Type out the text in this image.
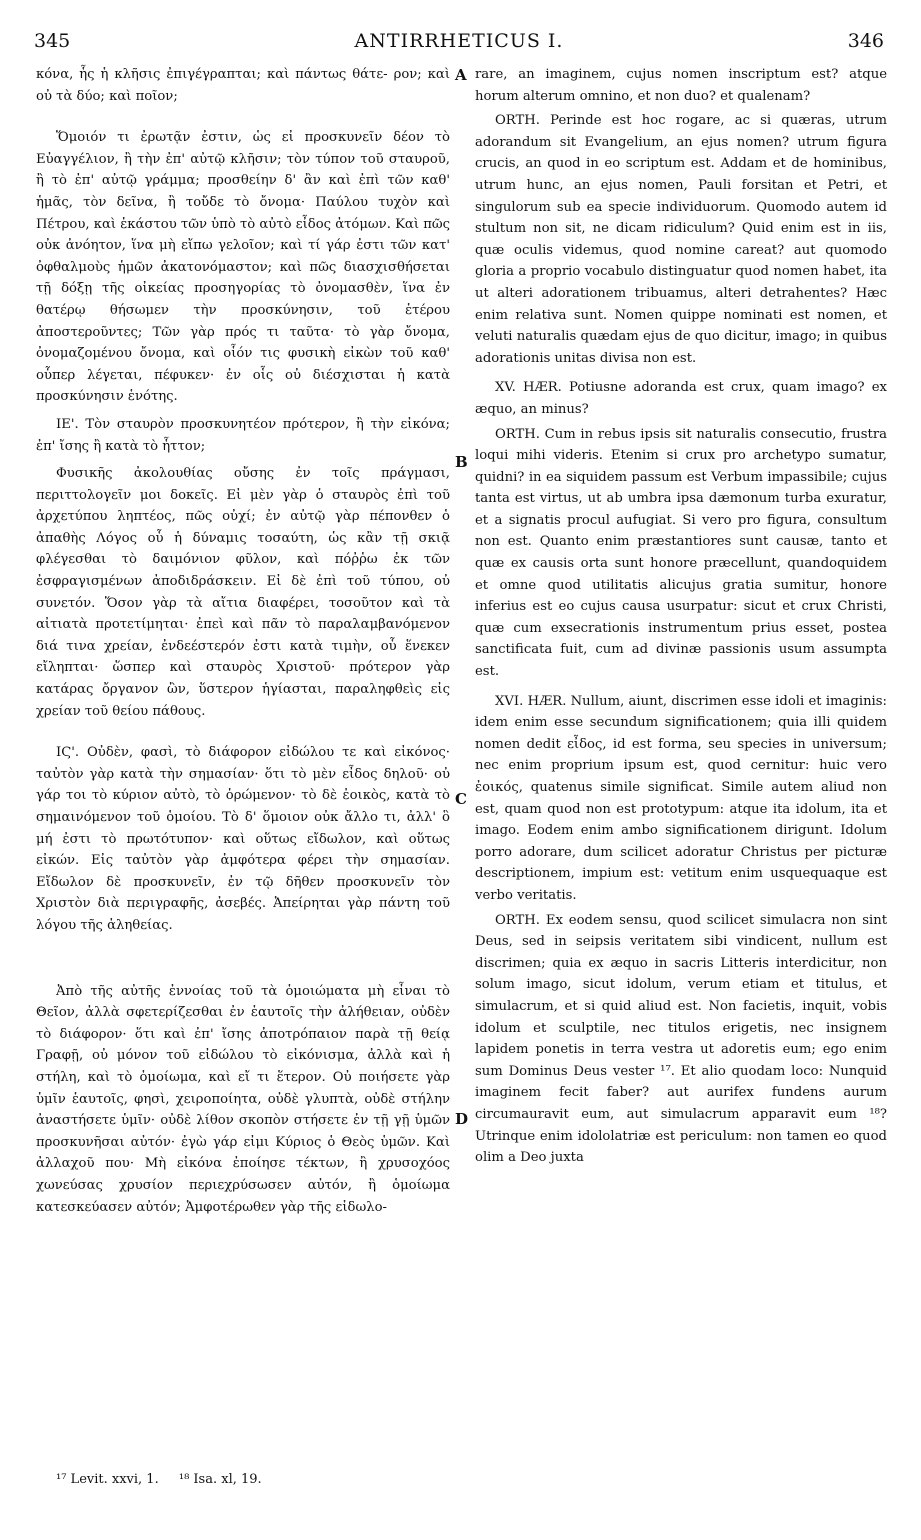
345	ANTIRRHETICUS I.	346

κόνα, ἧς ἡ κλῆσις ἐπιγέγραπται; καὶ πάντως θάτε- ρον; καὶ οὐ τὰ δύο; καὶ ποῖον;

Ὅμοιόν τι ἐρωτᾷν ἐστιν, ὡς εἰ προσκυνεῖν δέον τὸ Εὐαγγέλιον, ἢ τὴν ἐπ' αὐτῷ κλῆσιν; τὸν τύπον τοῦ σταυροῦ, ἢ τὸ ἐπ' αὐτῷ γράμμα; προσθείην δ' ἂν καὶ ἐπὶ τῶν καθ' ἡμᾶς, τὸν δεῖνα, ἢ τοὔδε τὸ ὄνομα· Παύλου τυχὸν καὶ Πέτρου, καὶ ἑκάστου τῶν ὑπὸ τὸ αὐτὸ εἶδος ἀτόμων. Καὶ πῶς οὐκ ἀνόητον, ἵνα μὴ εἴπω γελοῖον; καὶ τί γάρ ἐστι τῶν κατ' ὀφθαλμοὺς ἡμῶν ἀκατονόμαστον; καὶ πῶς διασχισθήσεται τῇ δόξῃ τῆς οἰκείας προσηγορίας τὸ ὀνομασθὲν, ἵνα ἐν θατέρῳ θήσωμεν τὴν προσκύνησιν, τοῦ ἑτέρου ἀποστεροῦντες; Τῶν γὰρ πρός τι ταῦτα· τὸ γὰρ ὄνομα, ὀνομαζομένου ὄνομα, καὶ οἷόν τις φυσικὴ εἰκὼν τοῦ καθ' οὗπερ λέγεται, πέφυκεν· ἐν οἷς οὐ διέσχισται ἡ κατὰ προσκύνησιν ἑνότης.

ΙΕ'. Τὸν σταυρὸν προσκυνητέον πρότερον, ἢ τὴν εἰκόνα; ἐπ' ἴσης ἢ κατὰ τὸ ἧττον;

Φυσικῆς ἀκολουθίας οὔσης ἐν τοῖς πράγμασι, περιττολογεῖν μοι δοκεῖς. Εἰ μὲν γὰρ ὁ σταυρὸς ἐπὶ τοῦ ἀρχετύπου ληπτέος, πῶς οὐχί; ἐν αὐτῷ γὰρ πέπονθεν ὁ ἀπαθὴς Λόγος οὗ ἡ δύναμις τοσαύτη, ὡς κἂν τῇ σκιᾷ φλέγεσθαι τὸ δαιμόνιον φῦλον, καὶ πόῤῥω ἐκ τῶν ἐσφραγισμένων ἀποδιδράσκειν. Εἰ δὲ ἐπὶ τοῦ τύπου, οὐ συνετόν. Ὅσον γὰρ τὰ αἴτια διαφέρει, τοσοῦτον καὶ τὰ αἰτιατὰ προτετίμηται· ἐπεὶ καὶ πᾶν τὸ παραλαμβανόμενον διά τινα χρείαν, ἐνδεέστερόν ἐστι κατὰ τιμὴν, οὗ ἕνεκεν εἴληπται· ὥσπερ καὶ σταυρὸς Χριστοῦ· πρότερον γὰρ κατάρας ὄργανον ὢν, ὕστερον ἡγίασται, παραληφθεὶς εἰς χρείαν τοῦ θείου πάθους.

ΙϚ'. Οὐδὲν, φασὶ, τὸ διάφορον εἰδώλου τε καὶ εἰκόνος· ταὐτὸν γὰρ κατὰ τὴν σημασίαν· ὅτι τὸ μὲν εἶδος δηλοῦ· οὐ γάρ τοι τὸ κύριον αὐτὸ, τὸ ὁρώμενον· τὸ δὲ ἐοικὸς, κατὰ τὸ σημαινόμενον τοῦ ὁμοίου. Τὸ δ' ὅμοιον οὐκ ἄλλο τι, ἀλλ' ὃ μή ἐστι τὸ πρωτότυπον· καὶ οὕτως εἴδωλον, καὶ οὕτως εἰκών. Εἰς ταὐτὸν γὰρ ἀμφότερα φέρει τὴν σημασίαν. Εἴδωλον δὲ προσκυνεῖν, ἐν τῷ δῆθεν προσκυνεῖν τὸν Χριστὸν διὰ περιγραφῆς, ἀσεβές. Ἀπείρηται γὰρ πάντη τοῦ λόγου τῆς ἀληθείας.

Ἀπὸ τῆς αὐτῆς ἐννοίας τοῦ τὰ ὁμοιώματα μὴ εἶναι τὸ Θεῖον, ἀλλὰ σφετερίζεσθαι ἐν ἑαυτοῖς τὴν ἀλήθειαν, οὐδὲν τὸ διάφορον· ὅτι καὶ ἐπ' ἴσης ἀποτρόπαιον παρὰ τῇ θείᾳ Γραφῇ, οὐ μόνον τοῦ εἰδώλου τὸ εἰκόνισμα, ἀλλὰ καὶ ἡ στήλη, καὶ τὸ ὁμοίωμα, καὶ εἴ τι ἕτερον. Οὐ ποιήσετε γὰρ ὑμῖν ἑαυτοῖς, φησὶ, χειροποίητα, οὐδὲ γλυπτὰ, οὐδὲ στήλην ἀναστήσετε ὑμῖν· οὐδὲ λίθον σκοπὸν στήσετε ἐν τῇ γῇ ὑμῶν προσκυνῆσαι αὐτόν· ἐγὼ γάρ εἰμι Κύριος ὁ Θεὸς ὑμῶν. Καὶ ἀλλαχοῦ που· Μὴ εἰκόνα ἐποίησε τέκτων, ἢ χρυσοχόος χωνεύσας χρυσίον περιεχρύσωσεν αὐτόν, ἢ ὁμοίωμα κατεσκεύασεν αὐτόν; Ἀμφοτέρωθεν γὰρ τῆς εἰδωλο-

rare, an imaginem, cujus nomen inscriptum est? atque horum alterum omnino, et non duo? et qualenam?

ORTH. Perinde est hoc rogare, ac si quæras, utrum adorandum sit Evangelium, an ejus nomen? utrum figura crucis, an quod in eo scriptum est. Addam et de hominibus, utrum hunc, an ejus nomen, Pauli forsitan et Petri, et singulorum sub ea specie individuorum. Quomodo autem id stultum non sit, ne dicam ridiculum? Quid enim est in iis, quæ oculis videmus, quod nomine careat? aut quomodo gloria a proprio vocabulo distinguatur quod nomen habet, ita ut alteri adorationem tribuamus, alteri detrahentes? Hæc enim relativa sunt. Nomen quippe nominati est nomen, et veluti naturalis quædam ejus de quo dicitur, imago; in quibus adorationis unitas divisa non est.

XV. HÆR. Potiusne adoranda est crux, quam imago? ex æquo, an minus?

ORTH. Cum in rebus ipsis sit naturalis consecutio, frustra loqui mihi videris. Etenim si crux pro archetypo sumatur, quidni? in ea siquidem passum est Verbum impassibile; cujus tanta est virtus, ut ab umbra ipsa dæmonum turba exuratur, et a signatis procul aufugiat. Si vero pro figura, consultum non est. Quanto enim præstantiores sunt causæ, tanto et quæ ex causis orta sunt honore præcellunt, quandoquidem et omne quod utilitatis alicujus gratia sumitur, honore inferius est eo cujus causa usurpatur: sicut et crux Christi, quæ cum exsecrationis instrumentum prius esset, postea sanctificata fuit, cum ad divinæ passionis usum assumpta est.

XVI. HÆR. Nullum, aiunt, discrimen esse idoli et imaginis: idem enim esse secundum significationem; quia illi quidem nomen dedit εἶδος, id est forma, seu species in universum; nec enim proprium ipsum est, quod cernitur: huic vero ἐοικός, quatenus simile significat. Simile autem aliud non est, quam quod non est prototypum: atque ita idolum, ita et imago. Eodem enim ambo significationem dirigunt. Idolum porro adorare, dum scilicet adoratur Christus per picturæ descriptionem, impium est: vetitum enim usquequaque est verbo veritatis.

ORTH. Ex eodem sensu, quod scilicet simulacra non sint Deus, sed in seipsis veritatem sibi vindicent, nullum est discrimen; quia ex æquo in sacris Litteris interdicitur, non solum imago, sicut idolum, verum etiam et titulus, et simulacrum, et si quid aliud est. Non facietis, inquit, vobis idolum et sculptile, nec titulos erigetis, nec insignem lapidem ponetis in terra vestra ut adoretis eum; ego enim sum Dominus Deus vester ¹⁷. Et alio quodam loco: Nunquid imaginem fecit faber? aut aurifex fundens aurum circumauravit eum, aut simulacrum apparavit eum ¹⁸? Utrinque enim idololatriæ est periculum: non tamen eo quod olim a Deo juxta

A
B
C
D
¹⁷ Levit. xxvi, 1. ¹⁸ Isa. xl, 19.
